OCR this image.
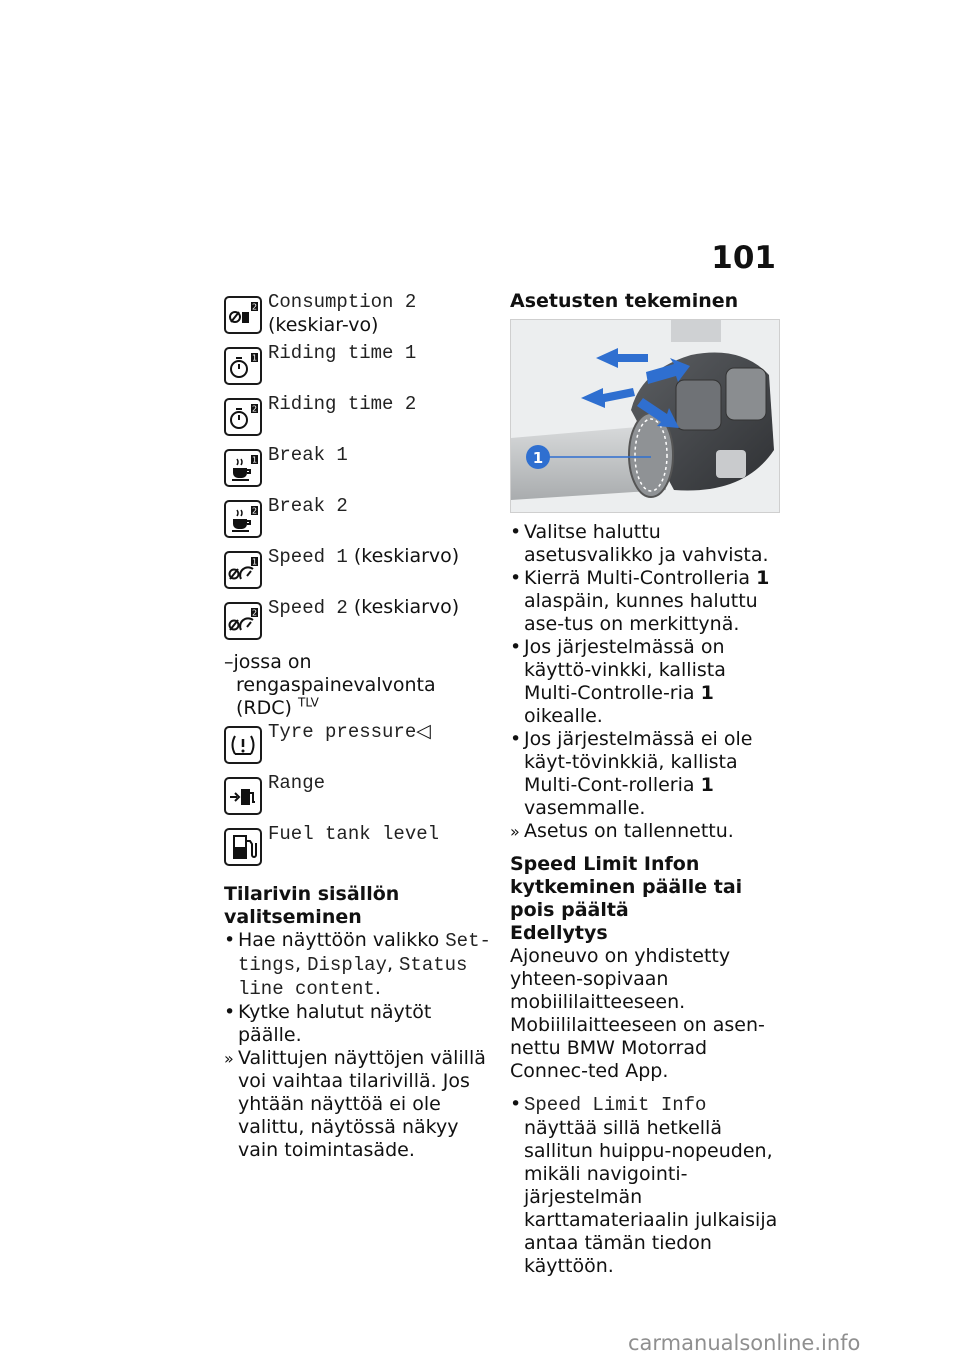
101
2 Consumption 2 (keskiar-vo)
1 Riding time 1
2 Riding time 2
1 Break 1
2 Break 2
1 Speed 1 (keskiarvo)
2 Speed 2 (keskiarvo)
–jossa on rengaspainevalvonta (RDC) $^{TLV}$
Tyre pressure◁
Range
Fuel tank level
Tilarivin sisällön valitseminen
• Hae näyttöön valikko Set-tings, Display, Status line content.
• Kytke halutut näytöt päälle.
» Valittujen näyttöjen välillä voi vaihtaa tilarivillä. Jos yhtään näyttöä ei ole valittu, näytössä näkyy vain toimintasäde.
Asetusten tekeminen
1
• Valitse haluttu asetusvalikko ja vahvista.
• Kierrä Multi-Controlleria 1 alaspäin, kunnes haluttu ase-tus on merkittynä.
• Jos järjestelmässä on käyttö-vinkki, kallista Multi-Controlle-ria 1 oikealle.
• Jos järjestelmässä ei ole käyt-tövinkkiä, kallista Multi-Cont-rolleria 1 vasemmalle.
» Asetus on tallennettu.
Speed Limit Infon kytkeminen päälle tai pois päältä
Edellytys
Ajoneuvo on yhdistetty yhteen-sopivaan mobiililaitteeseen. Mobiililaitteeseen on asen-nettu BMW Motorrad Connec-ted App.
• Speed Limit Info näyttää sillä hetkellä sallitun huippu-nopeuden, mikäli navigointi-järjestelmän karttamateriaalin julkaisija antaa tämän tiedon käyttöön.
carmanualsonline.info
